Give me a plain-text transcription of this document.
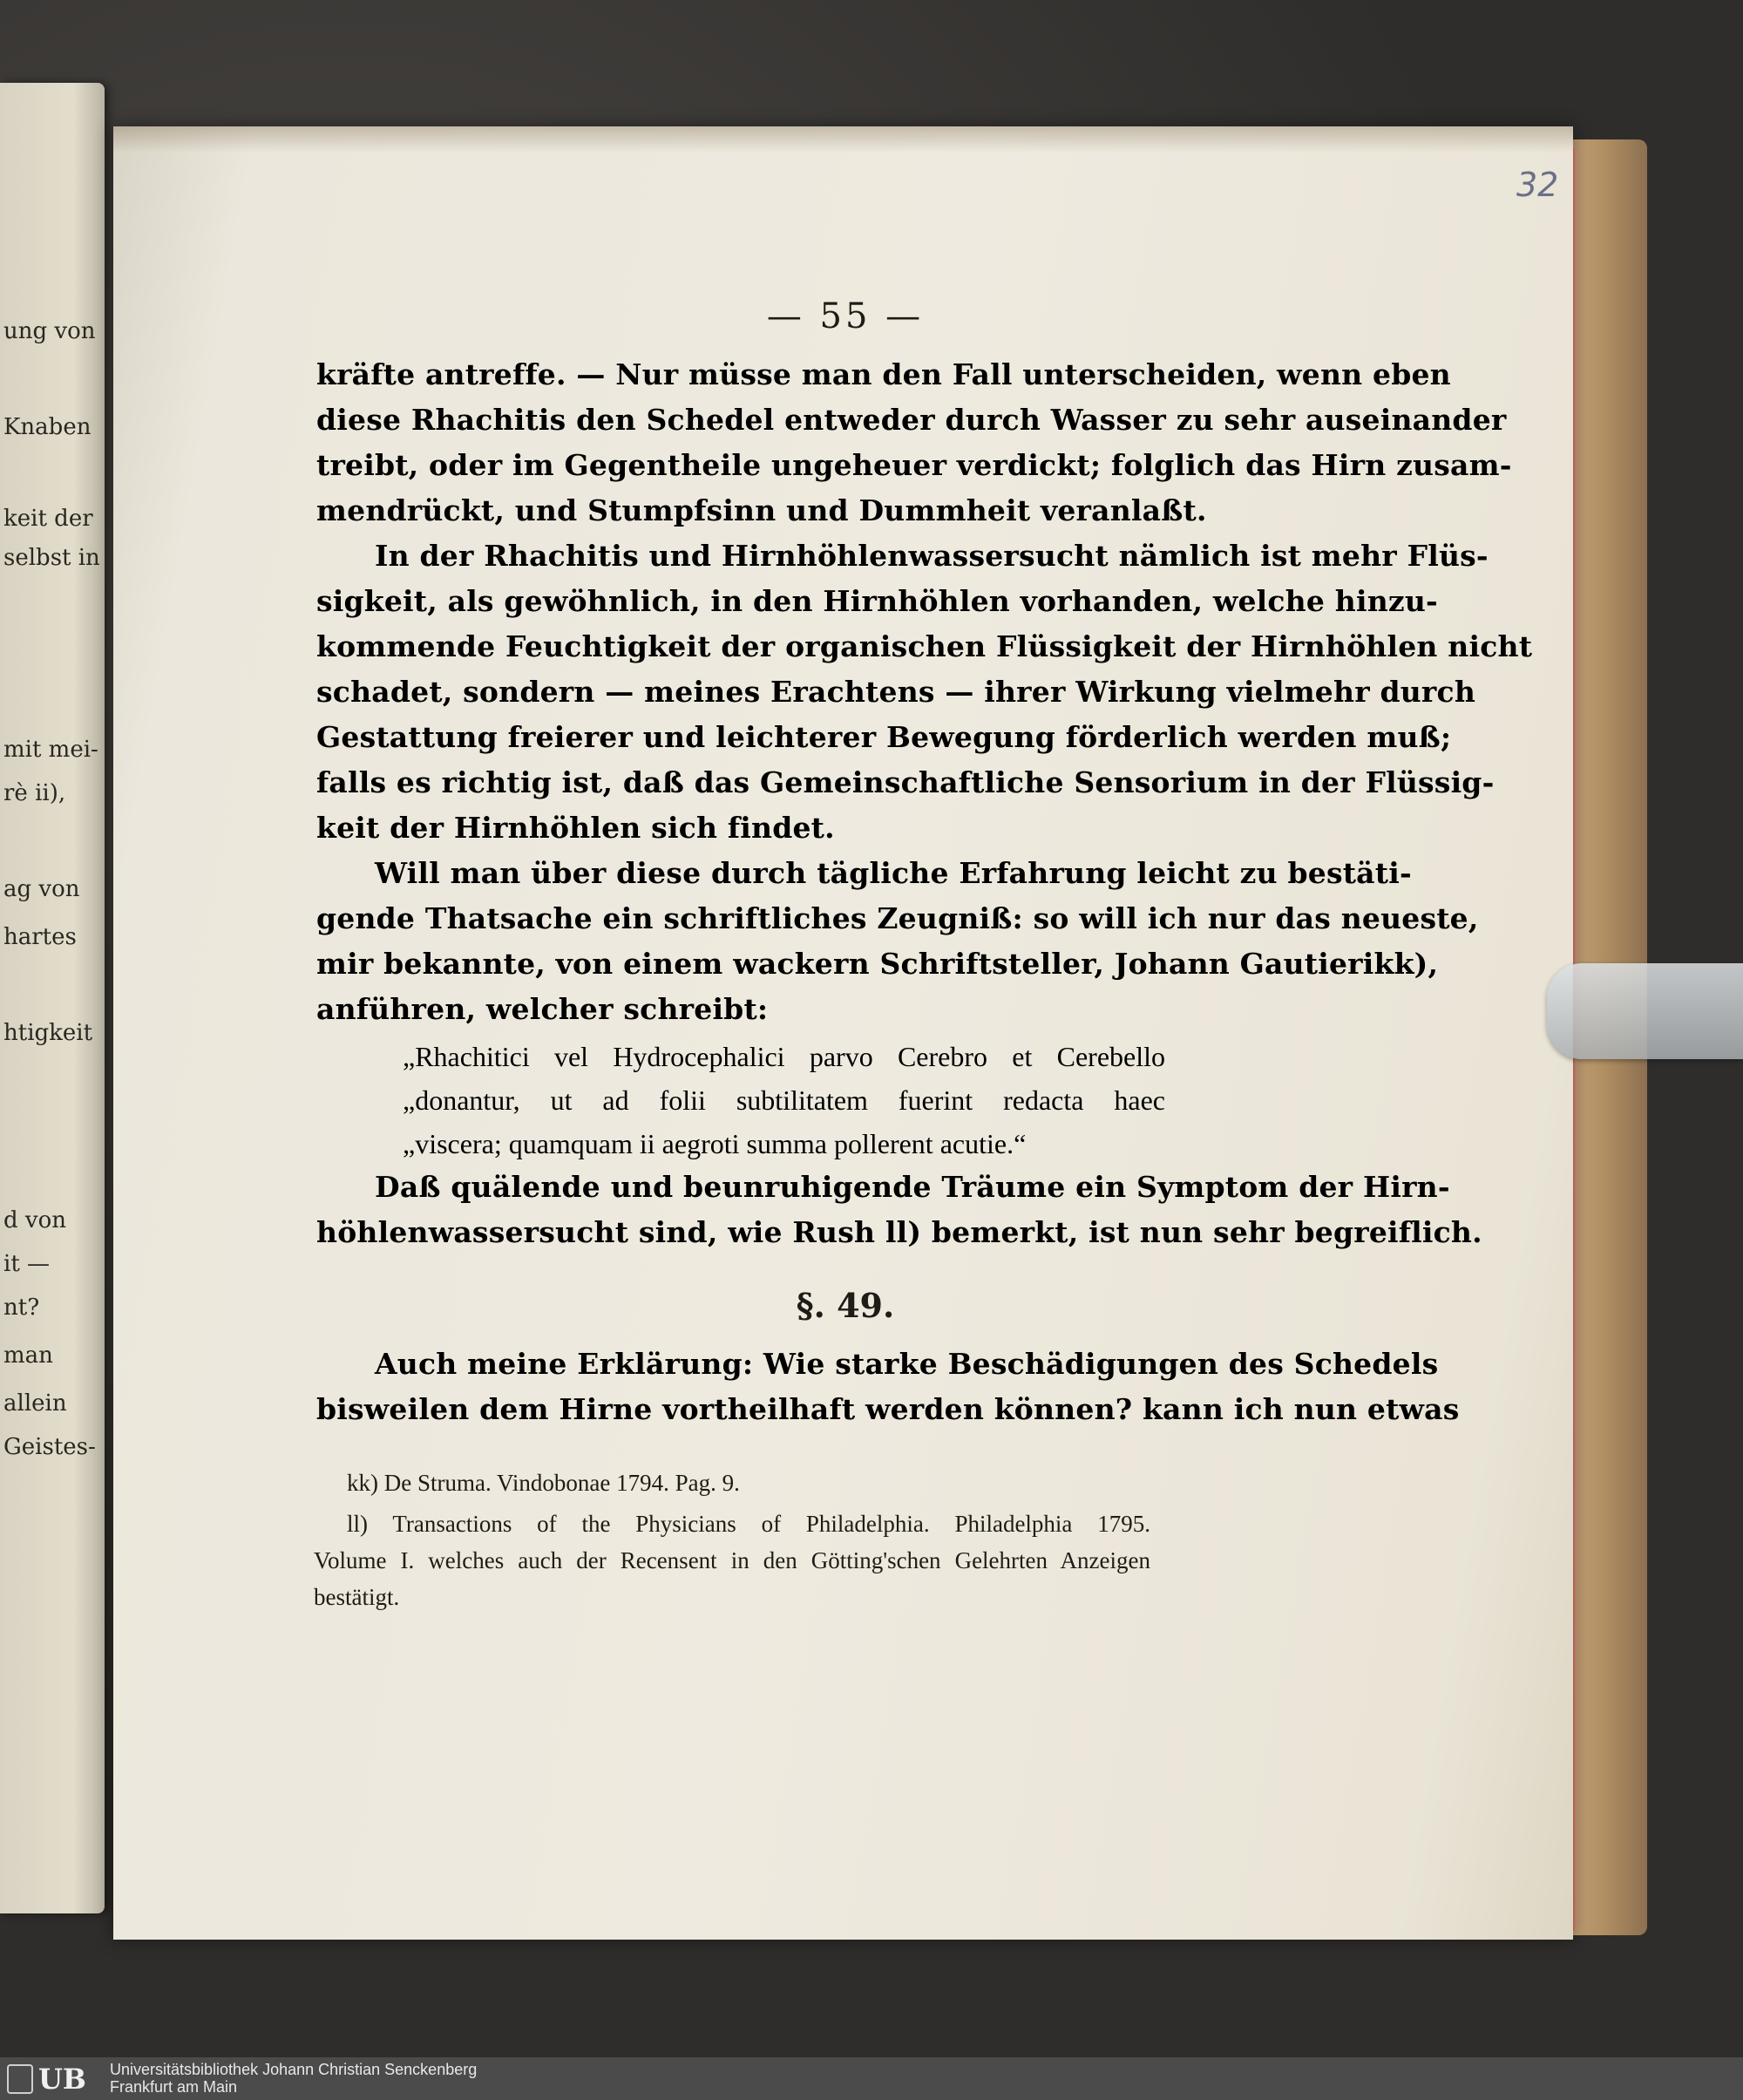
ung von
Knaben
keit der
selbst in
mit mei-
rè ii),
ag von
hartes
htigkeit
d von
it —
nt?
man
allein
Geistes-
32
— 55 —
kräfte antreffe. — Nur müsse man den Fall unterscheiden, wenn eben
diese Rhachitis den Schedel entweder durch Wasser zu sehr auseinander
treibt, oder im Gegentheile ungeheuer verdickt; folglich das Hirn zusam-
mendrückt, und Stumpfsinn und Dummheit veranlaßt.
In der Rhachitis und Hirnhöhlenwassersucht nämlich ist mehr Flüs-
sigkeit, als gewöhnlich, in den Hirnhöhlen vorhanden, welche hinzu-
kommende Feuchtigkeit der organischen Flüssigkeit der Hirnhöhlen nicht
schadet, sondern — meines Erachtens — ihrer Wirkung vielmehr durch
Gestattung freierer und leichterer Bewegung förderlich werden muß;
falls es richtig ist, daß das Gemeinschaftliche Sensorium in der Flüssig-
keit der Hirnhöhlen sich findet.
Will man über diese durch tägliche Erfahrung leicht zu bestäti-
gende Thatsache ein schriftliches Zeugniß: so will ich nur das neueste,
mir bekannte, von einem wackern Schriftsteller, Johann Gautierikk),
anführen, welcher schreibt:
„Rhachitici vel Hydrocephalici parvo Cerebro et Cerebello
„donantur, ut ad folii subtilitatem fuerint redacta haec
„viscera; quamquam ii aegroti summa pollerent acutie.“
Daß quälende und beunruhigende Träume ein Symptom der Hirn-
höhlenwassersucht sind, wie Rush ll) bemerkt, ist nun sehr begreiflich.
§. 49.
Auch meine Erklärung: Wie starke Beschädigungen des Schedels
bisweilen dem Hirne vortheilhaft werden können? kann ich nun etwas
kk) De Struma. Vindobonae 1794. Pag. 9.
ll) Transactions of the Physicians of Philadelphia. Philadelphia 1795.
Volume I. welches auch der Recensent in den Götting'schen Gelehrten Anzeigen
bestätigt.
UB Universitätsbibliothek Johann Christian Senckenberg
Frankfurt am Main
